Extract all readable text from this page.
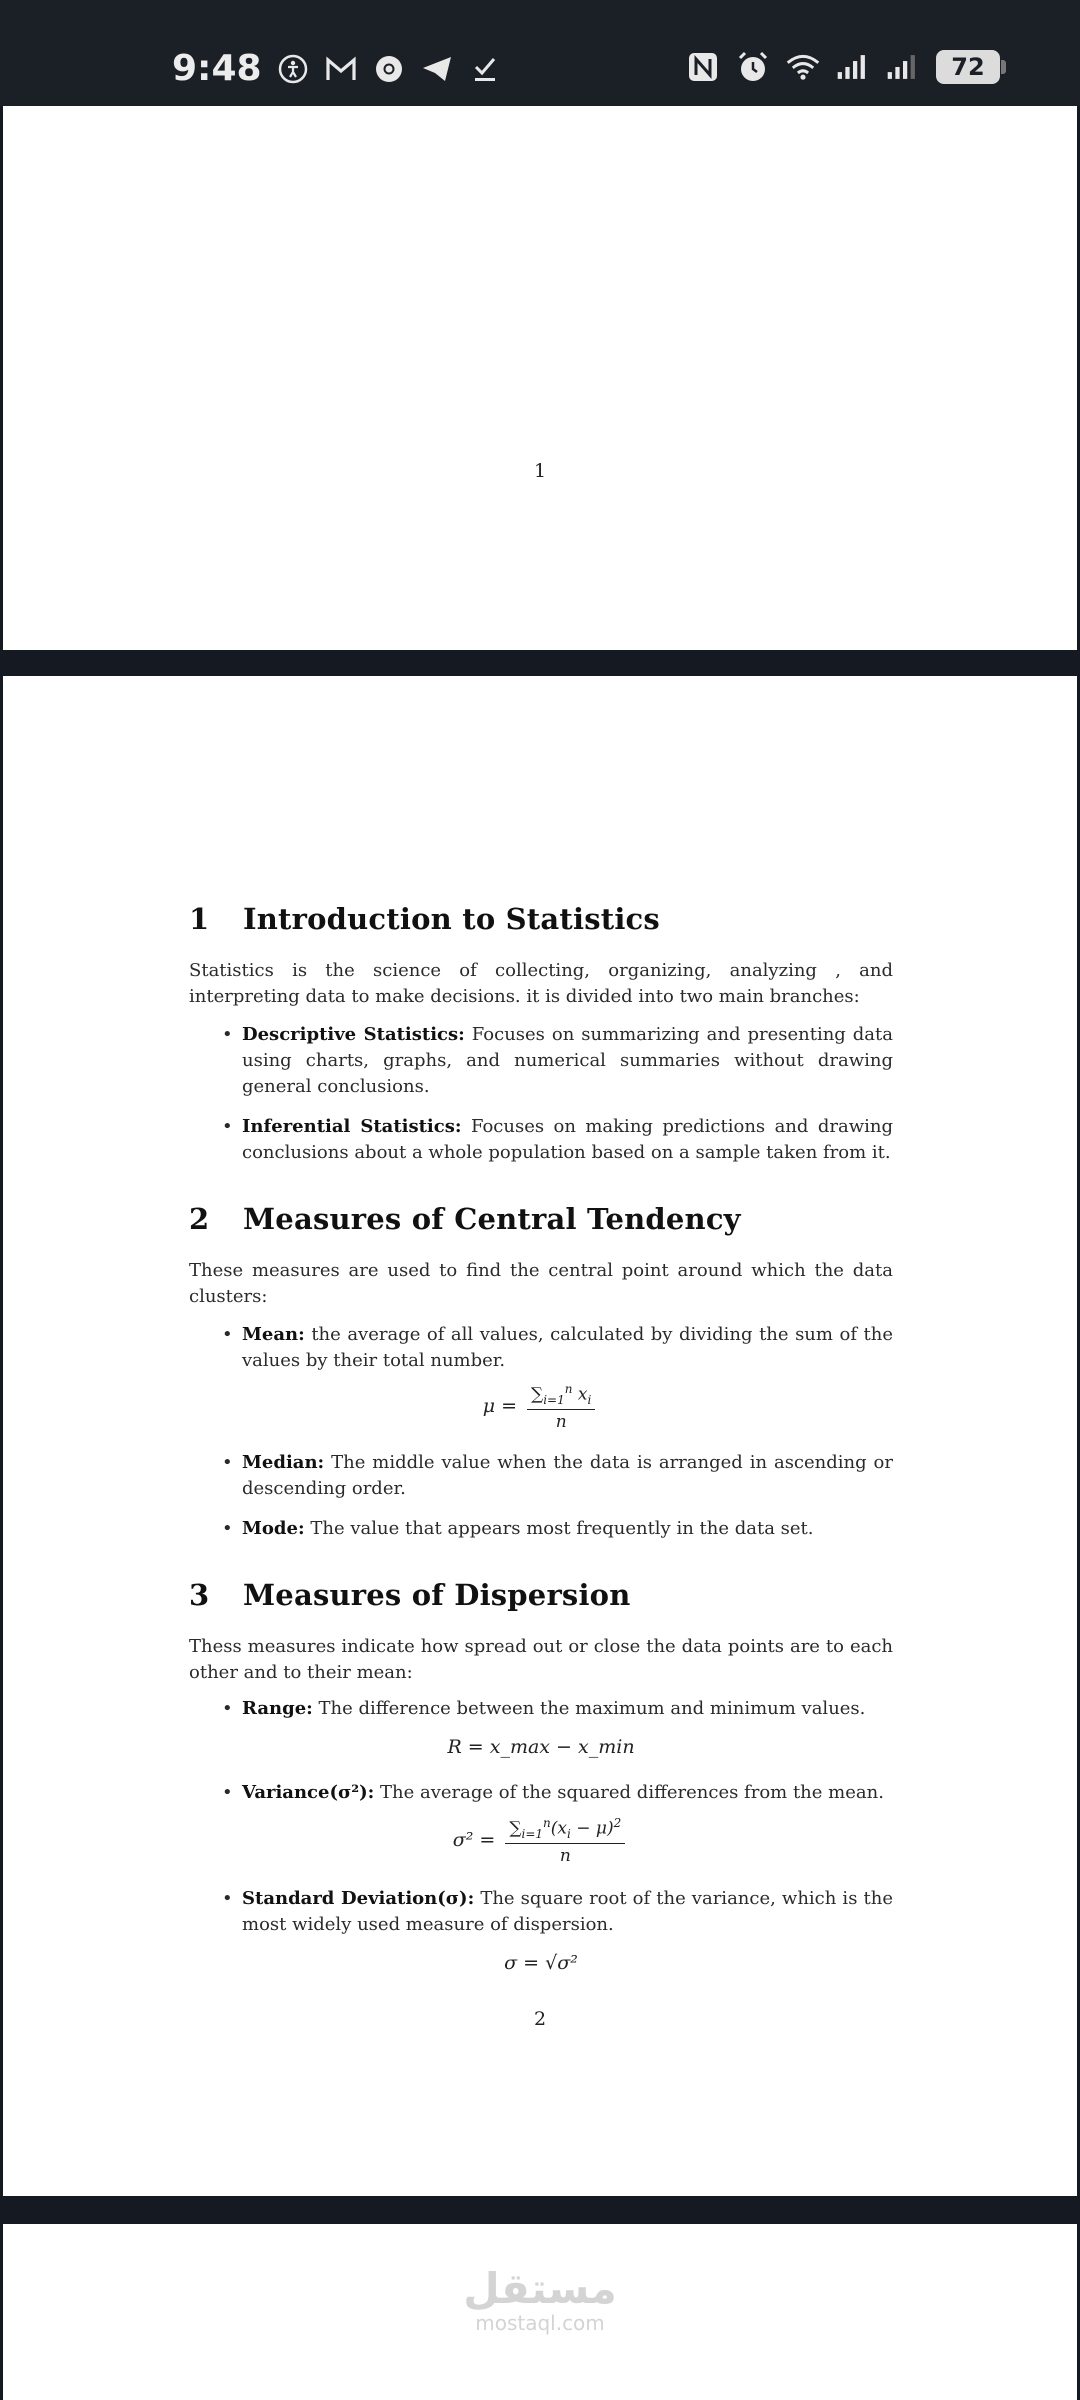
9:48	72
1
1 Introduction to Statistics
Statistics is the science of collecting, organizing, analyzing , and interpreting data to make decisions. it is divided into two main branches:
• Descriptive Statistics: Focuses on summarizing and presenting data using charts, graphs, and numerical summaries without drawing general conclusions.
• Inferential Statistics: Focuses on making predictions and drawing conclusions about a whole population based on a sample taken from it.
2 Measures of Central Tendency
These measures are used to find the central point around which the data clusters:
• Mean: the average of all values, calculated by dividing the sum of the values by their total number.
$\mu = \frac{\sum_{i=1}^n x_i}{n}$
• Median: The middle value when the data is arranged in ascending or descending order.
• Mode: The value that appears most frequently in the data set.
3 Measures of Dispersion
Thess measures indicate how spread out or close the data points are to each other and to their mean:
• Range: The difference between the maximum and minimum values.
R = x_max − x_min
• Variance(σ²): The average of the squared differences from the mean.
$\sigma^2 = \frac{\sum_{i=1}^n(x_i - \mu)^2}{n}$
• Standard Deviation(σ): The square root of the variance, which is the most widely used measure of dispersion.
σ = √σ²
2
مستقل
mostaql.com
